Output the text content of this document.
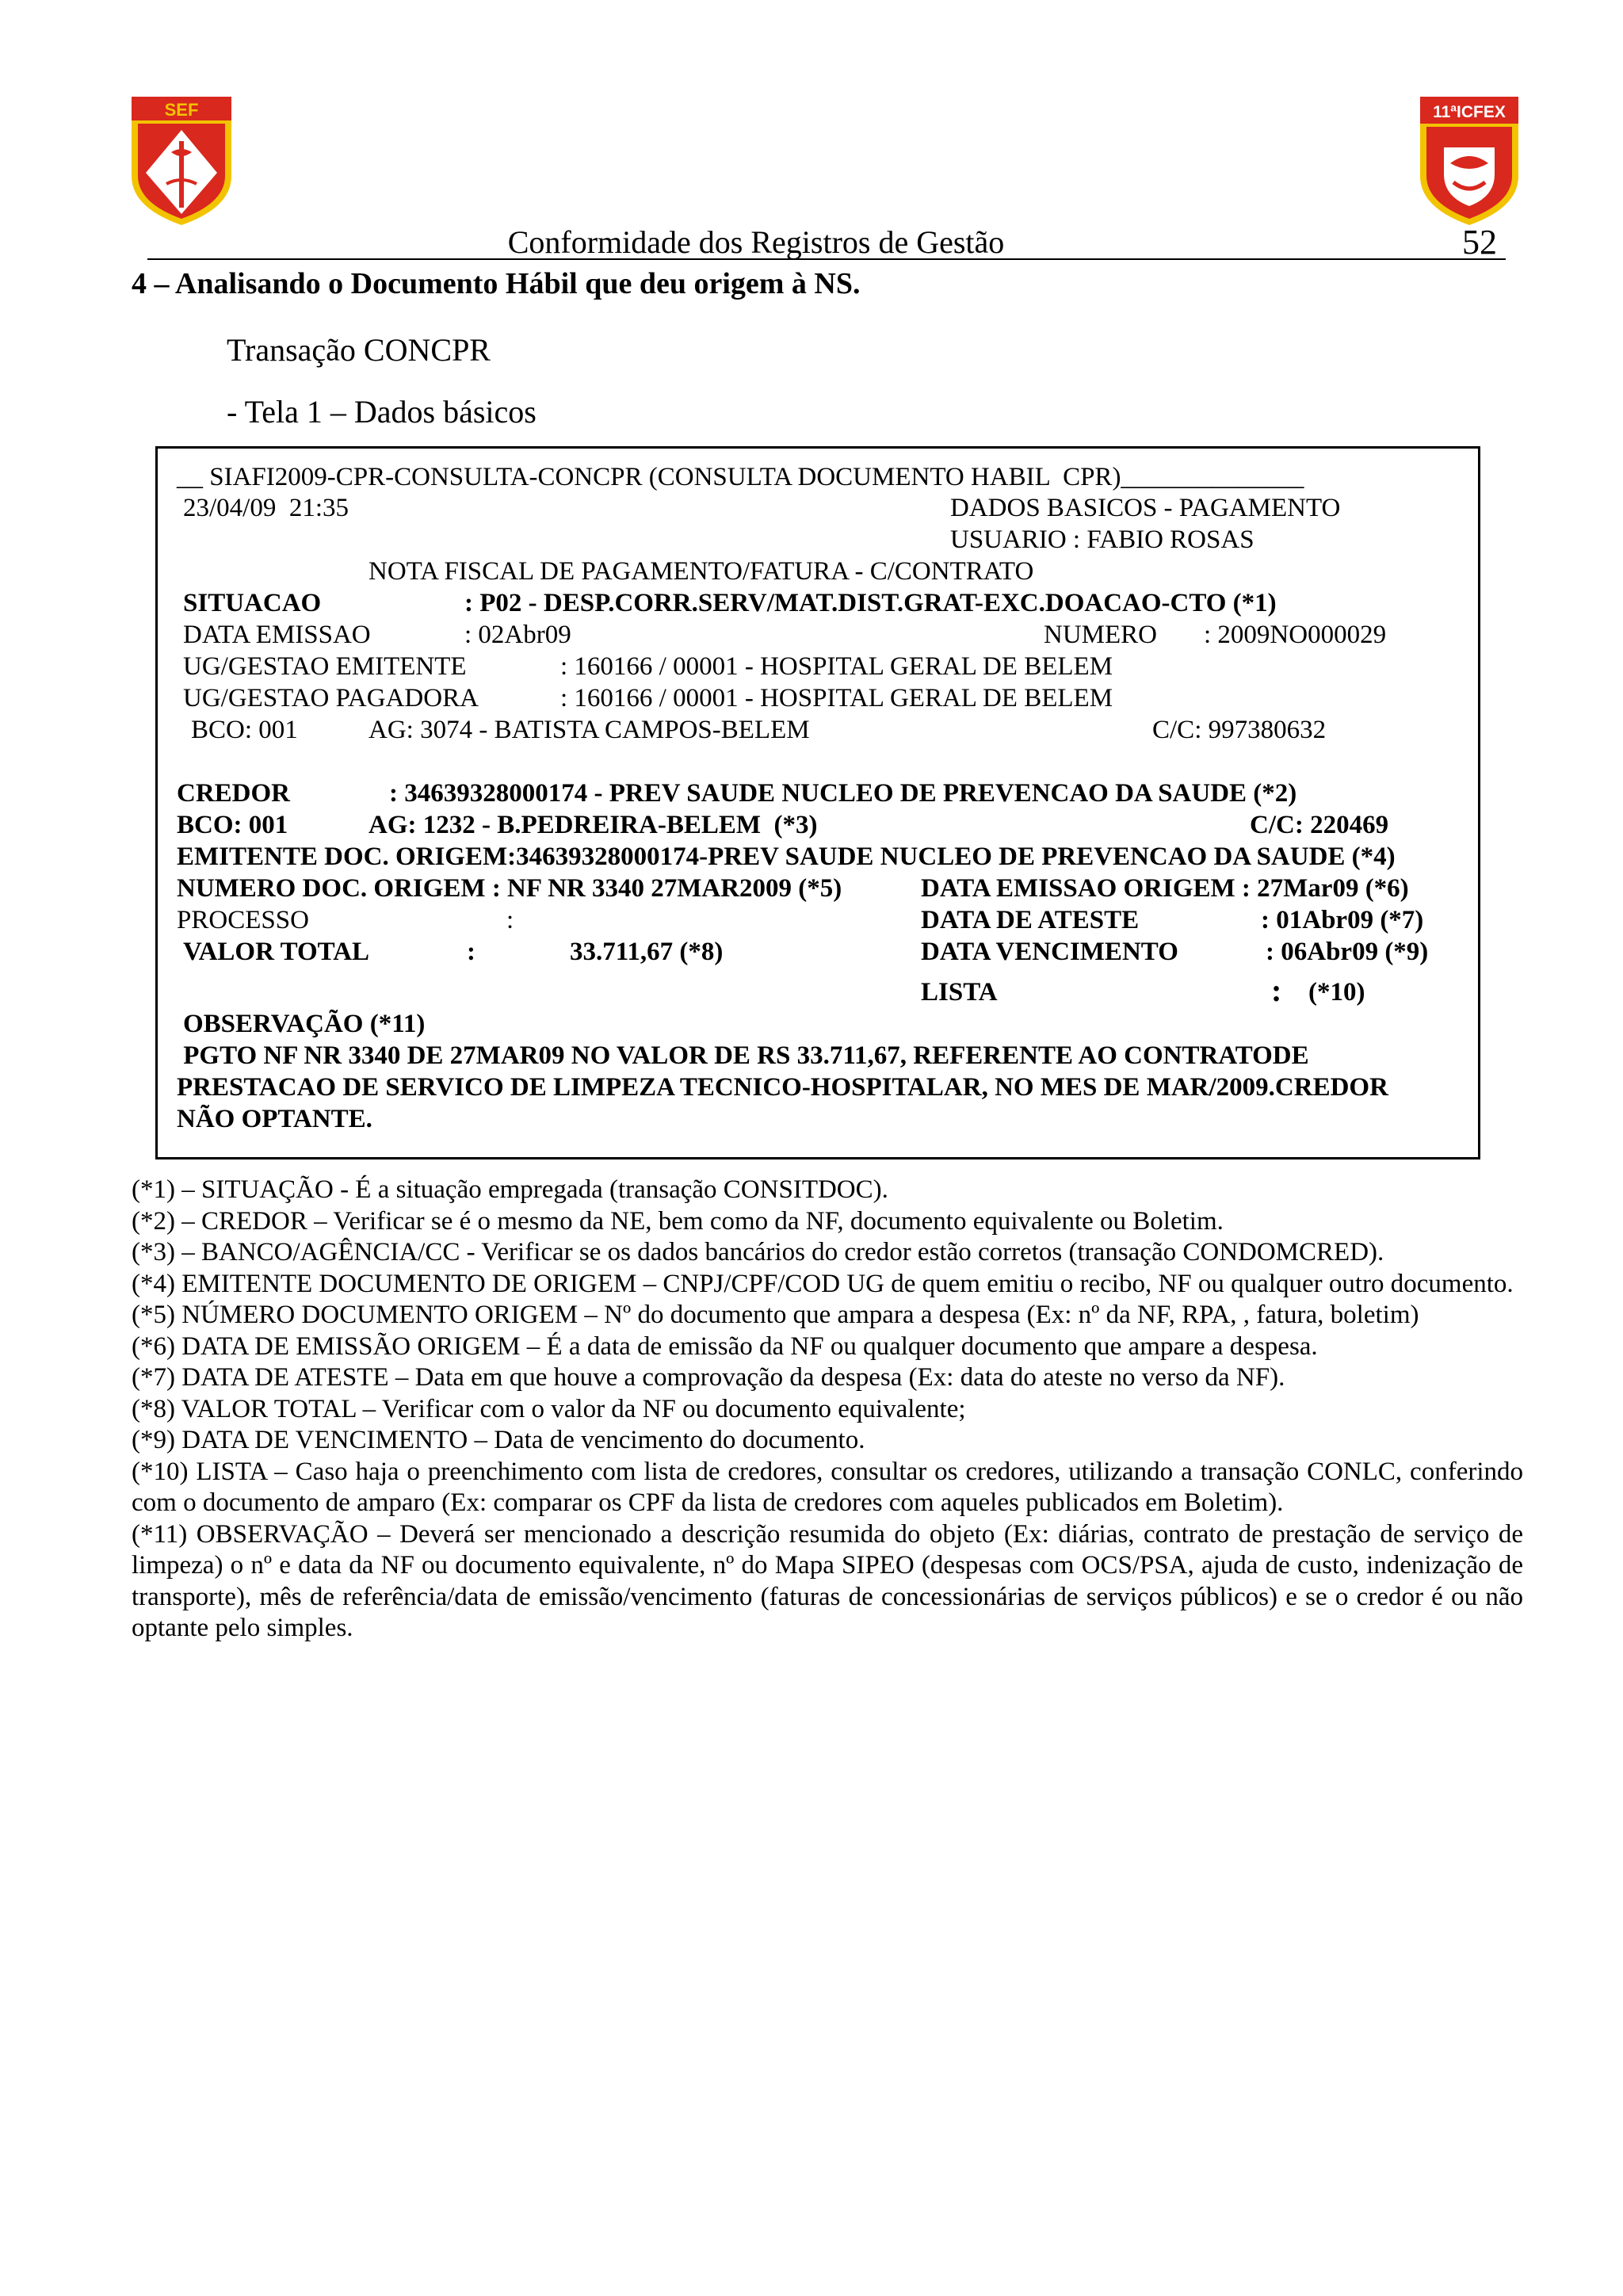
SEF	11ªICFEX
Conformidade dos Registros de Gestão	52
4 – Analisando o Documento Hábil que deu origem à NS.
Transação CONCPR
- Tela 1 – Dados básicos
__ SIAFI2009-CPR-CONSULTA-CONCPR (CONSULTA DOCUMENTO HABIL  CPR)______________
23/04/09  21:35	DADOS BASICOS - PAGAMENTO
USUARIO : FABIO ROSAS
NOTA FISCAL DE PAGAMENTO/FATURA - C/CONTRATO
SITUACAO	: P02 - DESP.CORR.SERV/MAT.DIST.GRAT-EXC.DOACAO-CTO (*1)
DATA EMISSAO	: 02Abr09	NUMERO : 2009NO000029
UG/GESTAO EMITENTE	: 160166 / 00001 - HOSPITAL GERAL DE BELEM
UG/GESTAO PAGADORA	: 160166 / 00001 - HOSPITAL GERAL DE BELEM
BCO: 001	AG: 3074 - BATISTA CAMPOS-BELEM	C/C: 997380632
CREDOR	: 34639328000174 - PREV SAUDE NUCLEO DE PREVENCAO DA SAUDE (*2)
BCO: 001	AG: 1232 - B.PEDREIRA-BELEM  (*3)	C/C: 220469
EMITENTE DOC. ORIGEM:34639328000174-PREV SAUDE NUCLEO DE PREVENCAO DA SAUDE (*4)
NUMERO DOC. ORIGEM : NF NR 3340 27MAR2009 (*5)	DATA EMISSAO ORIGEM : 27Mar09 (*6)
PROCESSO	:	DATA DE ATESTE	: 01Abr09 (*7)
VALOR TOTAL	:	33.711,67 (*8)	DATA VENCIMENTO	: 06Abr09 (*9)
LISTA	: (*10)
OBSERVAÇÃO (*11)
PGTO NF NR 3340 DE 27MAR09 NO VALOR DE RS 33.711,67, REFERENTE AO CONTRATODE
PRESTACAO DE SERVICO DE LIMPEZA TECNICO-HOSPITALAR, NO MES DE MAR/2009.CREDOR
NÃO OPTANTE.

(*1) – SITUAÇÃO - É a situação empregada (transação CONSITDOC).

(*2) – CREDOR – Verificar se é o mesmo da NE, bem como da NF, documento equivalente ou Boletim.

(*3) – BANCO/AGÊNCIA/CC - Verificar se os dados bancários do credor estão corretos (transação CONDOMCRED).

(*4) EMITENTE DOCUMENTO DE ORIGEM – CNPJ/CPF/COD UG de quem emitiu o recibo, NF ou qualquer outro documento.

(*5) NÚMERO DOCUMENTO ORIGEM – Nº do documento que ampara a despesa (Ex: nº da NF, RPA, , fatura, boletim)

(*6) DATA DE EMISSÃO ORIGEM – É a data de emissão da NF ou qualquer documento que ampare a despesa.

(*7) DATA DE ATESTE – Data em que houve a comprovação da despesa (Ex: data do ateste no verso da NF).

(*8) VALOR TOTAL – Verificar com o valor da NF ou documento equivalente;

(*9) DATA DE VENCIMENTO – Data de vencimento do documento.

(*10) LISTA – Caso haja o preenchimento com lista de credores, consultar os credores, utilizando a transação CONLC, conferindo com o documento de amparo (Ex: comparar os CPF da lista de credores com aqueles publicados em Boletim).

(*11) OBSERVAÇÃO – Deverá ser mencionado a descrição resumida do objeto (Ex: diárias, contrato de prestação de serviço de limpeza) o nº e data da NF ou documento equivalente, nº do Mapa SIPEO (despesas com OCS/PSA, ajuda de custo, indenização de transporte), mês de referência/data de emissão/vencimento (faturas de concessionárias de serviços públicos) e se o credor é ou não optante pelo simples.
